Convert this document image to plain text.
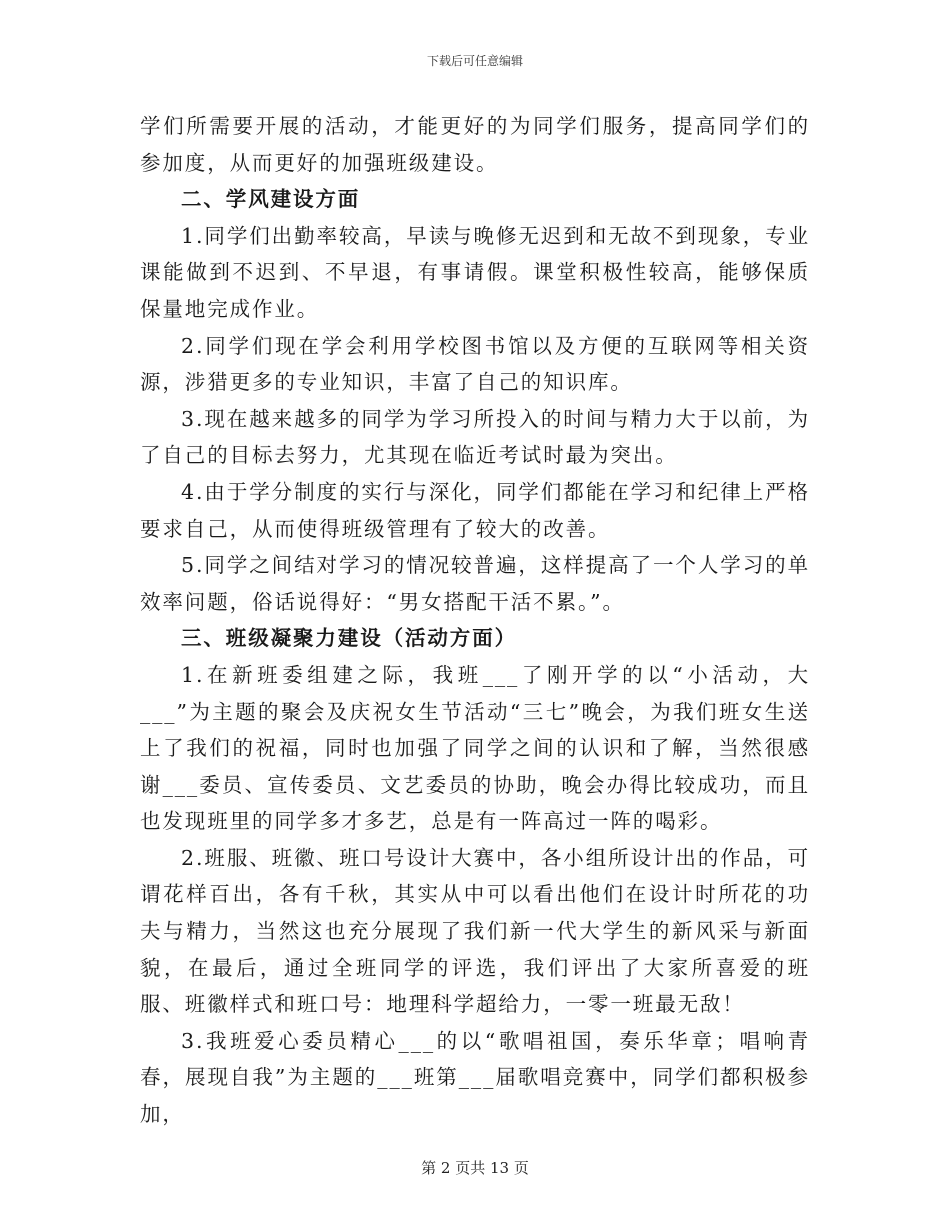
下载后可任意编辑

学们所需要开展的活动，才能更好的为同学们服务，提高同学们的参加度，从而更好的加强班级建设。

二、学风建设方面

1.同学们出勤率较高，早读与晚修无迟到和无故不到现象，专业课能做到不迟到、不早退，有事请假。课堂积极性较高，能够保质保量地完成作业。

2.同学们现在学会利用学校图书馆以及方便的互联网等相关资源，涉猎更多的专业知识，丰富了自己的知识库。

3.现在越来越多的同学为学习所投入的时间与精力大于以前，为了自己的目标去努力，尤其现在临近考试时最为突出。

4.由于学分制度的实行与深化，同学们都能在学习和纪律上严格要求自己，从而使得班级管理有了较大的改善。

5.同学之间结对学习的情况较普遍，这样提高了一个人学习的单效率问题，俗话说得好：“男女搭配干活不累。”。

三、班级凝聚力建设（活动方面）

1.在新班委组建之际，我班___了刚开学的以“小活动，大___”为主题的聚会及庆祝女生节活动“三七”晚会，为我们班女生送上了我们的祝福，同时也加强了同学之间的认识和了解，当然很感谢___委员、宣传委员、文艺委员的协助，晚会办得比较成功，而且也发现班里的同学多才多艺，总是有一阵高过一阵的喝彩。

2.班服、班徽、班口号设计大赛中，各小组所设计出的作品，可谓花样百出，各有千秋，其实从中可以看出他们在设计时所花的功夫与精力，当然这也充分展现了我们新一代大学生的新风采与新面貌，在最后，通过全班同学的评选，我们评出了大家所喜爱的班服、班徽样式和班口号：地理科学超给力，一零一班最无敌！

3.我班爱心委员精心___的以“歌唱祖国，奏乐华章；唱响青春，展现自我”为主题的___班第___届歌唱竞赛中，同学们都积极参加，

第 2 页共 13 页
